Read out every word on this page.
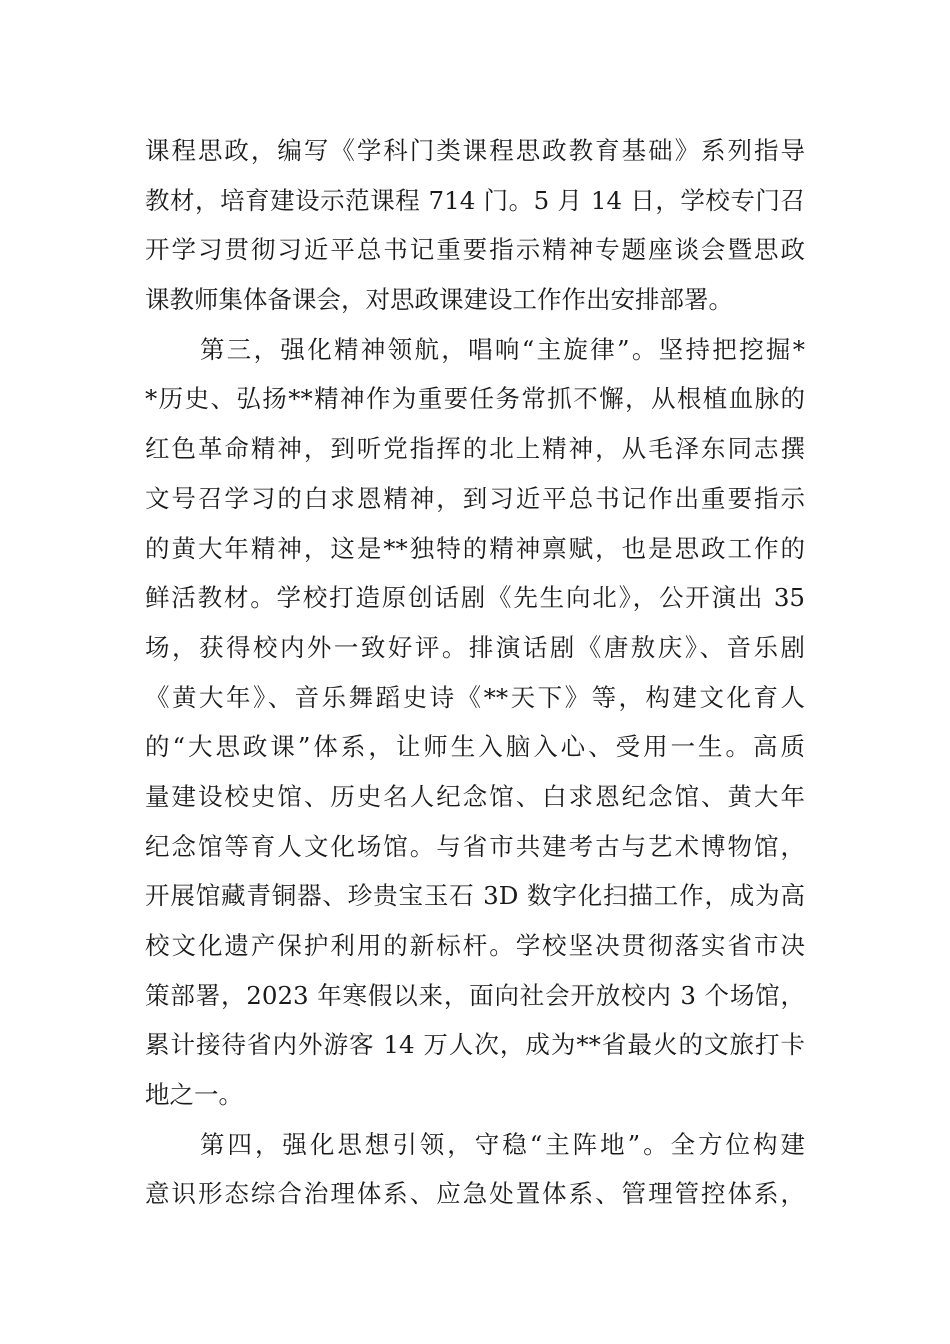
课程思政，编写《学科门类课程思政教育基础》系列指导
教材，培育建设示范课程 714 门。5 月 14 日，学校专门召
开学习贯彻习近平总书记重要指示精神专题座谈会暨思政
课教师集体备课会，对思政课建设工作作出安排部署。
第三，强化精神领航，唱响“主旋律”。坚持把挖掘*
*历史、弘扬**精神作为重要任务常抓不懈，从根植血脉的
红色革命精神，到听党指挥的北上精神，从毛泽东同志撰
文号召学习的白求恩精神，到习近平总书记作出重要指示
的黄大年精神，这是**独特的精神禀赋，也是思政工作的
鲜活教材。学校打造原创话剧《先生向北》，公开演出 35
场，获得校内外一致好评。排演话剧《唐敖庆》、音乐剧
《黄大年》、音乐舞蹈史诗《**天下》等，构建文化育人
的“大思政课”体系，让师生入脑入心、受用一生。高质
量建设校史馆、历史名人纪念馆、白求恩纪念馆、黄大年
纪念馆等育人文化场馆。与省市共建考古与艺术博物馆，
开展馆藏青铜器、珍贵宝玉石 3D 数字化扫描工作，成为高
校文化遗产保护利用的新标杆。学校坚决贯彻落实省市决
策部署，2023 年寒假以来，面向社会开放校内 3 个场馆，
累计接待省内外游客 14 万人次，成为**省最火的文旅打卡
地之一。
第四，强化思想引领，守稳“主阵地”。全方位构建
意识形态综合治理体系、应急处置体系、管理管控体系，
